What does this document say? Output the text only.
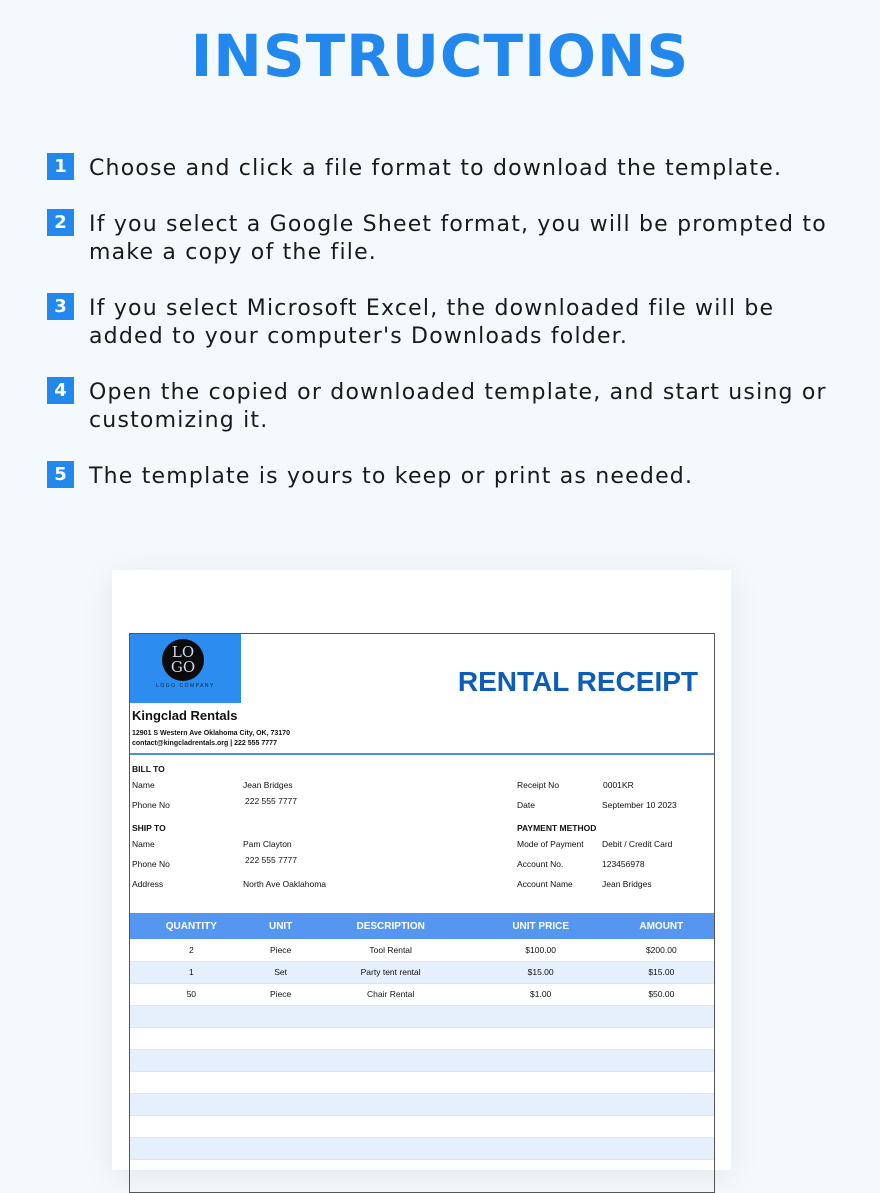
INSTRUCTIONS
1	Choose and click a file format to download the template.
2	If you select a Google Sheet format, you will be prompted to make a copy of the file.
3	If you select Microsoft Excel, the downloaded file will be added to your computer's Downloads folder.
4	Open the copied or downloaded template, and start using or customizing it.
5	The template is yours to keep or print as needed.
LO
GO
LOGO COMPANY	RENTAL RECEIPT
Kingclad Rentals
12901 S Western Ave Oklahoma City, OK, 73170
contact@kingcladrentals.org | 222 555 7777
BILL TO
Name	Jean Bridges
Phone No	222 555 7777
SHIP TO
Name	Pam Clayton
Phone No	222 555 7777
Address	North Ave Oaklahoma
Receipt No	0001KR
Date	September 10 2023
PAYMENT METHOD
Mode of Payment Debit / Credit Card
Account No.	123456978
Account Name	Jean Bridges
QUANTITY	UNIT	DESCRIPTION	UNIT PRICE	AMOUNT
2	Piece	Tool Rental	$100.00	$200.00
1	Set	Party tent rental	$15.00	$15.00
50	Piece	Chair Rental	$1.00	$50.00
